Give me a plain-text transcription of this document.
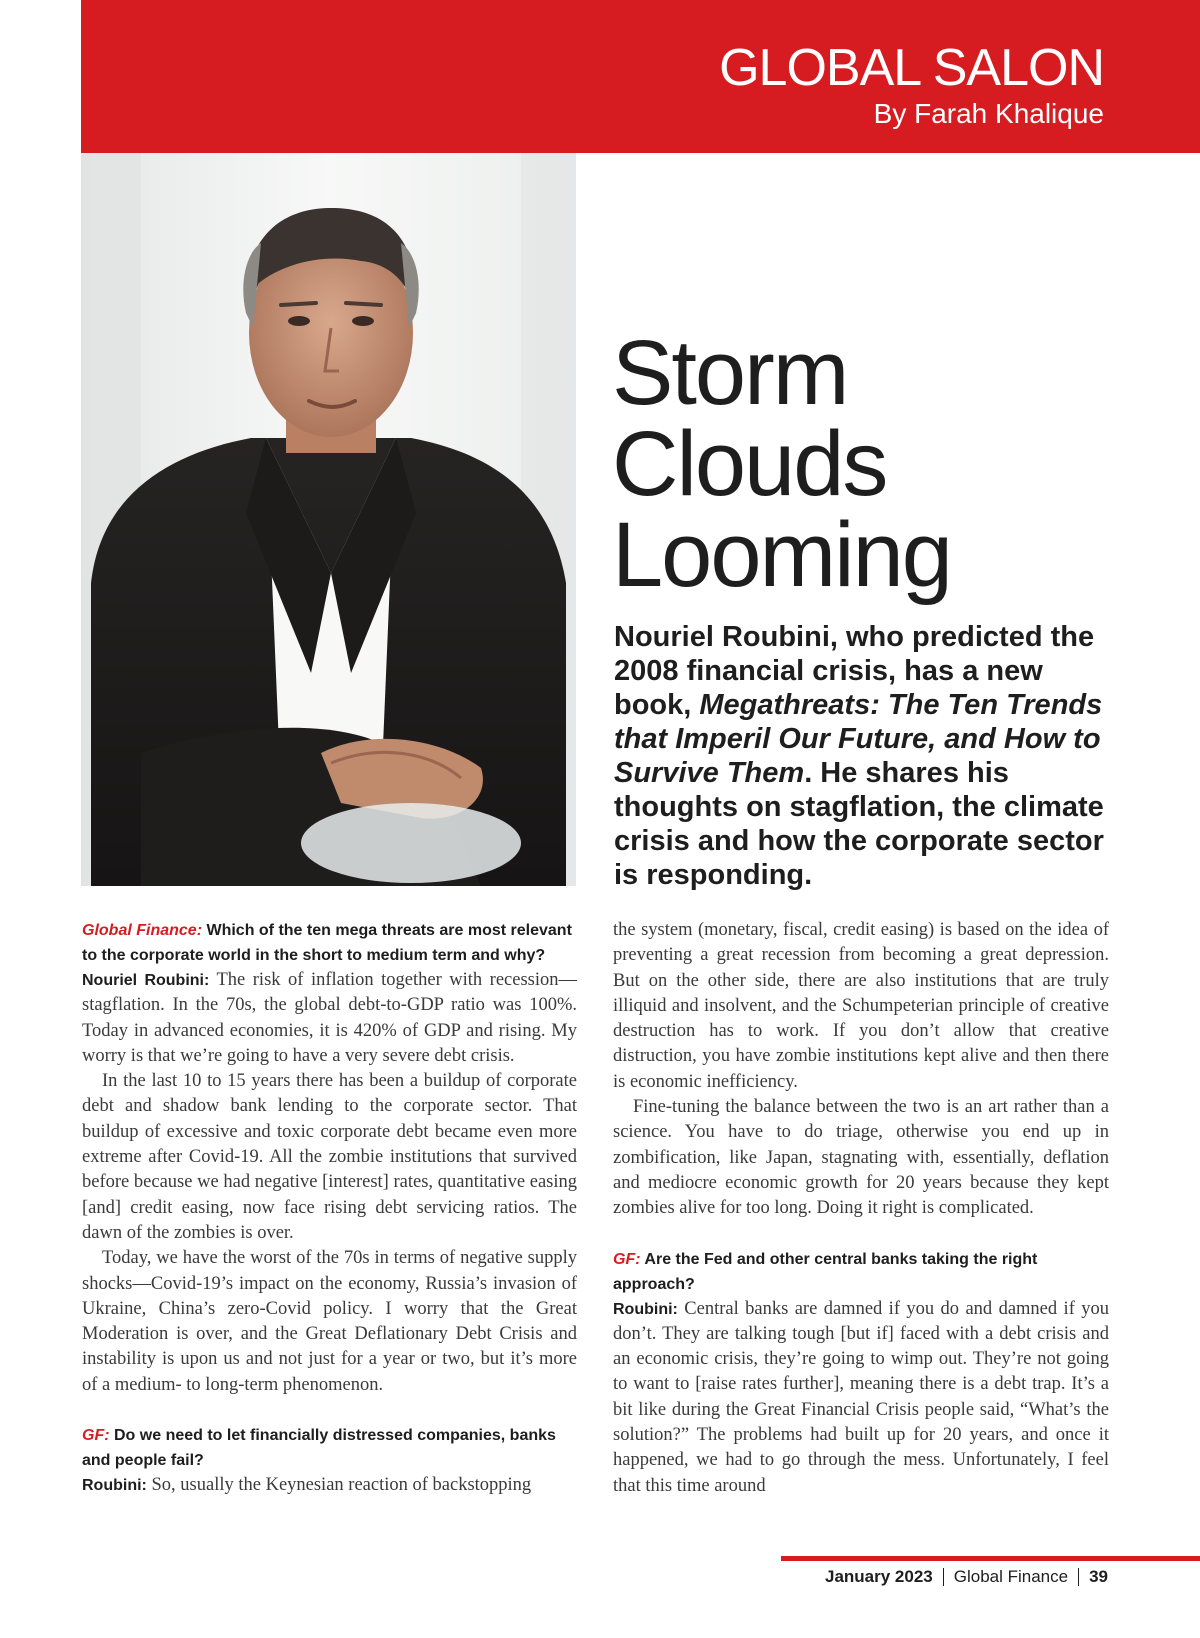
GLOBAL SALON
By Farah Khalique
Storm
Clouds
Looming

Nouriel Roubini, who predicted the 2008 financial crisis, has a new book, Megathreats: The Ten Trends that Imperil Our Future, and How to Survive Them. He shares his thoughts on stagflation, the climate crisis and how the corporate sector is responding.

Global Finance: Which of the ten mega threats are most relevant to the corporate world in the short to medium term and why?

Nouriel Roubini: The risk of inflation together with recession—stagflation. In the 70s, the global debt-to-GDP ratio was 100%. Today in advanced economies, it is 420% of GDP and rising. My worry is that we’re going to have a very severe debt crisis.

In the last 10 to 15 years there has been a buildup of corporate debt and shadow bank lending to the corporate sector. That buildup of excessive and toxic corporate debt became even more extreme after Covid-19. All the zombie institutions that survived before because we had negative [interest] rates, quantitative easing [and] credit easing, now face rising debt servicing ratios. The dawn of the zombies is over.

Today, we have the worst of the 70s in terms of negative supply shocks—Covid-19’s impact on the economy, Russia’s invasion of Ukraine, China’s zero-Covid policy. I worry that the Great Moderation is over, and the Great Deflationary Debt Crisis and instability is upon us and not just for a year or two, but it’s more of a medium- to long-term phenomenon.

GF: Do we need to let financially distressed companies, banks and people fail?

Roubini: So, usually the Keynesian reaction of backstopping

the system (monetary, fiscal, credit easing) is based on the idea of preventing a great recession from becoming a great depression. But on the other side, there are also institutions that are truly illiquid and insolvent, and the Schumpeterian principle of creative destruction has to work. If you don’t allow that creative distruction, you have zombie institutions kept alive and then there is economic inefficiency.

Fine-tuning the balance between the two is an art rather than a science. You have to do triage, otherwise you end up in zombification, like Japan, stagnating with, essentially, deflation and mediocre economic growth for 20 years because they kept zombies alive for too long. Doing it right is complicated.

GF: Are the Fed and other central banks taking the right approach?

Roubini: Central banks are damned if you do and damned if you don’t. They are talking tough [but if] faced with a debt crisis and an economic crisis, they’re going to wimp out. They’re not going to want to [raise rates further], meaning there is a debt trap. It’s a bit like during the Great Financial Crisis people said, “What’s the solution?” The problems had built up for 20 years, and once it happened, we had to go through the mess. Unfortunately, I feel that this time around

January 2023 Global Finance 39
